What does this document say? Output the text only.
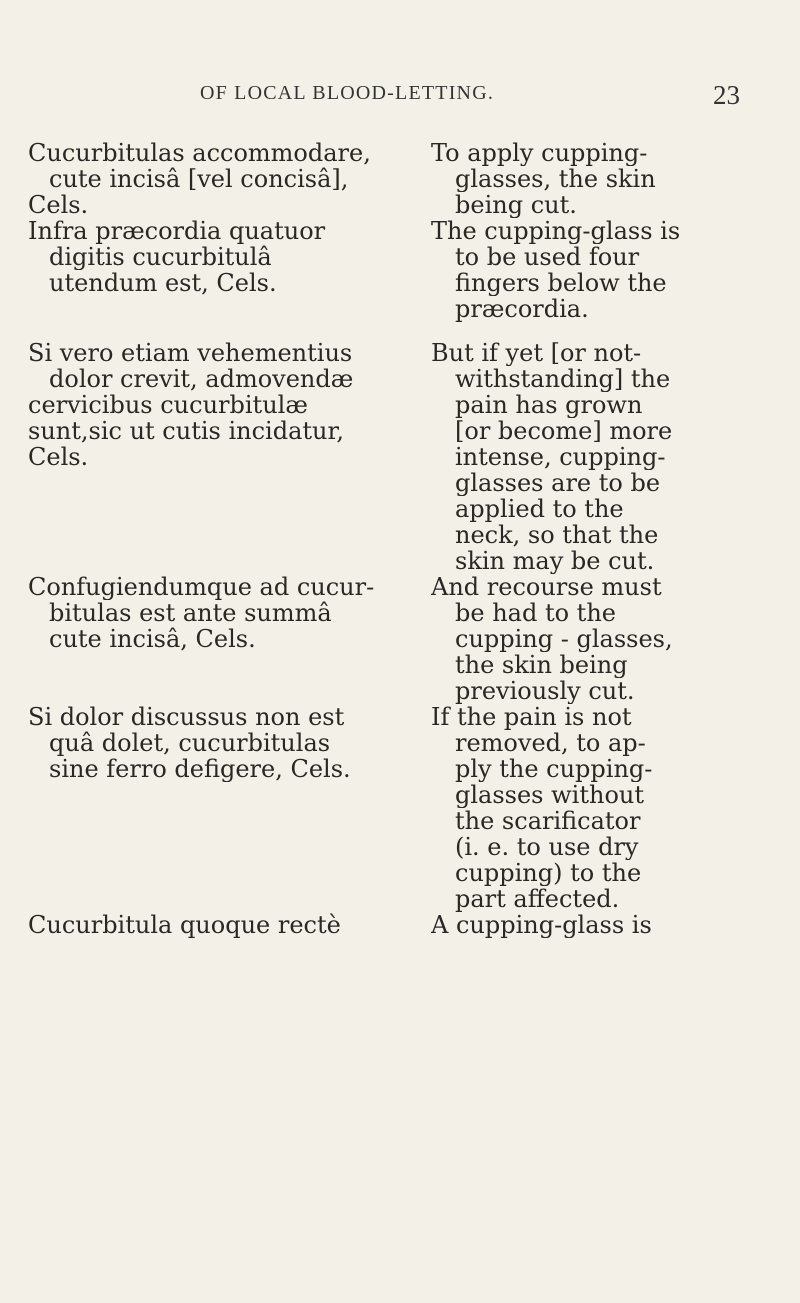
OF LOCAL BLOOD-LETTING.	23
Cucurbitulas accommodare,
cute incisâ [vel concisâ],
Cels.
To apply cupping-
glasses, the skin
being cut.
Infra præcordia quatuor
digitis cucurbitulâ
utendum est, Cels.
The cupping-glass is
to be used four
fingers below the
præcordia.
Si vero etiam vehementius
dolor crevit, admovendæ
cervicibus cucurbitulæ
sunt,sic ut cutis incidatur,
Cels.
But if yet [or not-
withstanding] the
pain has grown
[or become] more
intense, cupping-
glasses are to be
applied to the
neck, so that the
skin may be cut.
Confugiendumque ad cucur-
bitulas est ante summâ
cute incisâ, Cels.
And recourse must
be had to the
cupping - glasses,
the skin being
previously cut.
Si dolor discussus non est
quâ dolet, cucurbitulas
sine ferro defigere, Cels.
If the pain is not
removed, to ap-
ply the cupping-
glasses without
the scarificator
(i. e. to use dry
cupping) to the
part affected.
Cucurbitula quoque rectè	A cupping-glass is
